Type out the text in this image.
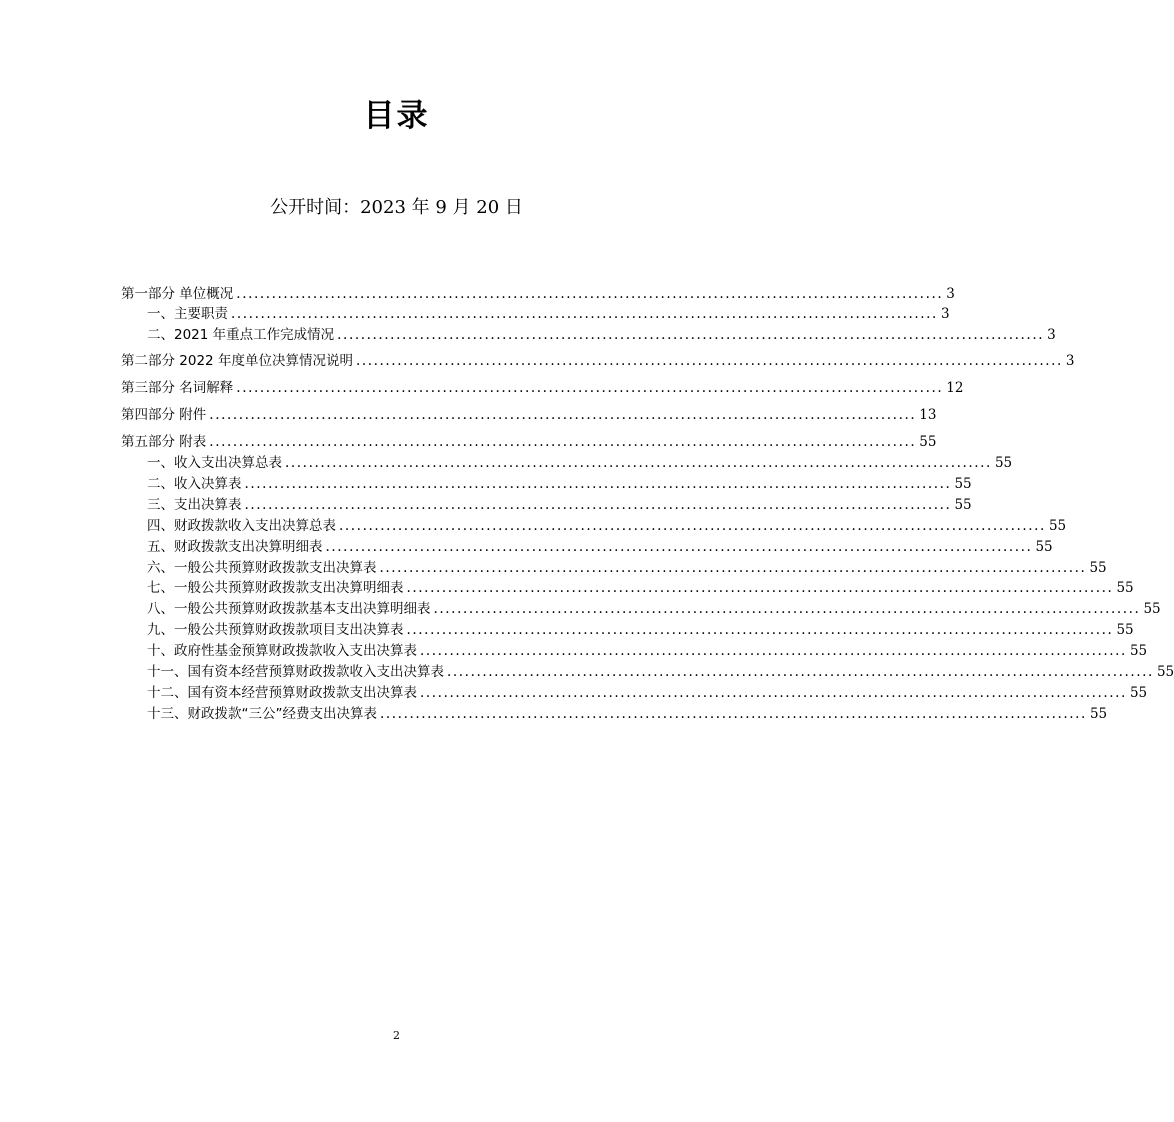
目录
公开时间：2023 年 9 月 20 日
第一部分 单位概况 ........................................................................................................................ 3
一、主要职责 ........................................................................................................................ 3
二、2021 年重点工作完成情况 ........................................................................................................................ 3
第二部分 2022 年度单位决算情况说明 ........................................................................................................................ 3
第三部分 名词解释 ........................................................................................................................ 12
第四部分 附件 ........................................................................................................................ 13
第五部分 附表 ........................................................................................................................ 55
一、收入支出决算总表 ........................................................................................................................ 55
二、收入决算表 ........................................................................................................................ 55
三、支出决算表 ........................................................................................................................ 55
四、财政拨款收入支出决算总表 ........................................................................................................................ 55
五、财政拨款支出决算明细表 ........................................................................................................................ 55
六、一般公共预算财政拨款支出决算表 ........................................................................................................................ 55
七、一般公共预算财政拨款支出决算明细表 ........................................................................................................................ 55
八、一般公共预算财政拨款基本支出决算明细表 ........................................................................................................................ 55
九、一般公共预算财政拨款项目支出决算表 ........................................................................................................................ 55
十、政府性基金预算财政拨款收入支出决算表 ........................................................................................................................ 55
十一、国有资本经营预算财政拨款收入支出决算表 ........................................................................................................................ 55
十二、国有资本经营预算财政拨款支出决算表 ........................................................................................................................ 55
十三、财政拨款“三公”经费支出决算表 ........................................................................................................................ 55
2
